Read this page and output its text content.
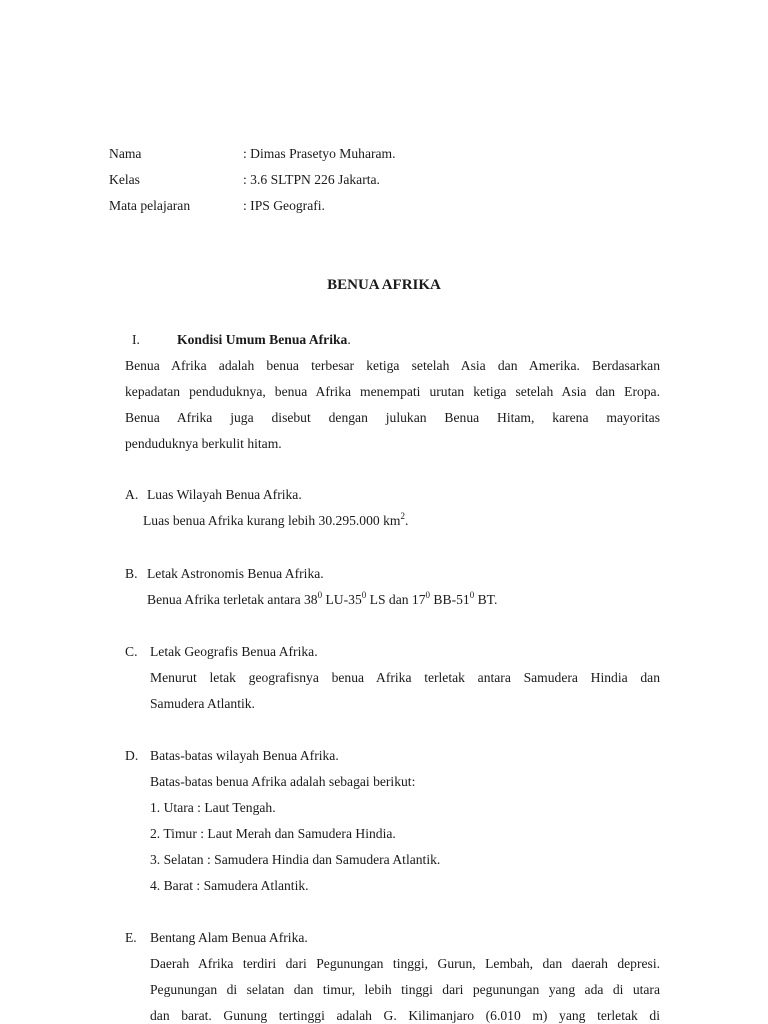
Nama	: Dimas Prasetyo Muharam.
Kelas	: 3.6 SLTPN 226 Jakarta.
Mata pelajaran	: IPS Geografi.
BENUA AFRIKA
I.	Kondisi Umum Benua Afrika.
Benua Afrika adalah benua terbesar ketiga setelah Asia dan Amerika. Berdasarkan
kepadatan penduduknya, benua Afrika menempati urutan ketiga setelah Asia dan Eropa.
Benua Afrika juga disebut dengan julukan Benua Hitam, karena mayoritas
penduduknya berkulit hitam.
A. Luas Wilayah Benua Afrika.
Luas benua Afrika kurang lebih 30.295.000 $km^2$.
B. Letak Astronomis Benua Afrika.
Benua Afrika terletak antara $38^0$ $LU-35^0$ LS dan $17^0$ $BB-51^0$ BT.
C. Letak Geografis Benua Afrika.
Menurut letak geografisnya benua Afrika terletak antara Samudera Hindia dan
Samudera Atlantik.
D. Batas-batas wilayah Benua Afrika.
Batas-batas benua Afrika adalah sebagai berikut:
1. Utara : Laut Tengah.
2. Timur : Laut Merah dan Samudera Hindia.
3. Selatan : Samudera Hindia dan Samudera Atlantik.
4. Barat : Samudera Atlantik.
E. Bentang Alam Benua Afrika.
Daerah Afrika terdiri dari Pegunungan tinggi, Gurun, Lembah, dan daerah depresi.
Pegunungan di selatan dan timur, lebih tinggi dari pegunungan yang ada di utara
dan barat. Gunung tertinggi adalah G. Kilimanjaro (6.010 m) yang terletak di
